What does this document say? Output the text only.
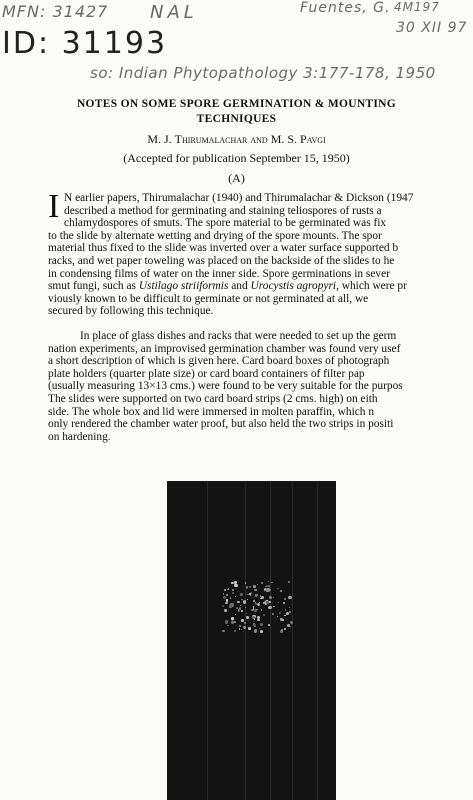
MFN: 31427 NAL	Fuentes, G. 4M197
30 XII 97
ID: 31193
so: Indian Phytopathology 3:177-178, 1950
NOTES ON SOME SPORE GERMINATION & MOUNTING
TECHNIQUES
M. J. Thirumalachar and M. S. Pavgi
(Accepted for publication September 15, 1950)
(A)
I N earlier papers, Thirumalachar (1940) and Thirumalachar & Dickson (1947
described a method for germinating and staining teliospores of rusts a
chlamydospores of smuts. The spore material to be germinated was fix
to the slide by alternate wetting and drying of the spore mounts. The spor
material thus fixed to the slide was inverted over a water surface supported b
racks, and wet paper toweling was placed on the backside of the slides to he
in condensing films of water on the inner side. Spore germinations in sever
smut fungi, such as Ustilago striiformis and Urocystis agropyri, which were pr
viously known to be difficult to germinate or not germinated at all, we
secured by following this technique.
In place of glass dishes and racks that were needed to set up the germ
nation experiments, an improvised germination chamber was found very usef
a short description of which is given here. Card board boxes of photograph
plate holders (quarter plate size) or card board containers of filter pap
(usually measuring 13×13 cms.) were found to be very suitable for the purpos
The slides were supported on two card board strips (2 cms. high) on eith
side. The whole box and lid were immersed in molten paraffin, which n
only rendered the chamber water proof, but also held the two strips in positi
on hardening.
